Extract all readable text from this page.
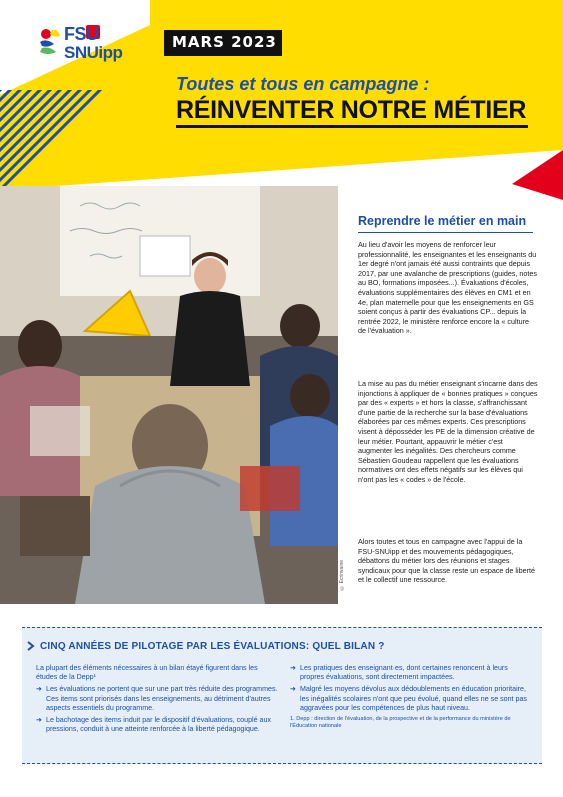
FSU
SNUipp
MARS 2023
Toutes et tous en campagne :
RÉINVENTER NOTRE MÉTIER
© Ecrinvaine
Reprendre le métier en main
Au lieu d'avoir les moyens de renforcer leur professionnalité, les enseignantes et les enseignants du 1er degré n'ont jamais été aussi contraints que depuis 2017, par une avalanche de prescriptions (guides, notes au BO, formations imposées...). Évaluations d'écoles, évaluations supplémentaires des élèves en CM1 et en 4e, plan maternelle pour que les enseignements en GS soient conçus à partir des évaluations CP... depuis la rentrée 2022, le ministère renforce encore la « culture de l'évaluation ».
La mise au pas du métier enseignant s'incarne dans des injonctions à appliquer de « bonnes pratiques » conçues par des « experts » et hors la classe, s'affranchissant d'une partie de la recherche sur la base d'évaluations élaborées par ces mêmes experts. Ces prescriptions visent à déposséder les PE de la dimension créative de leur métier. Pourtant, appauvrir le métier c'est augmenter les inégalités. Des chercheurs comme Sébastien Goudeau rappellent que les évaluations normatives ont des effets négatifs sur les élèves qui n'ont pas les « codes » de l'école.
Alors toutes et tous en campagne avec l'appui de la FSU-SNUipp et des mouvements pédagogiques, débattons du métier lors des réunions et stages syndicaux pour que la classe reste un espace de liberté et le collectif une ressource.
CINQ ANNÉES DE PILOTAGE PAR LES ÉVALUATIONS: QUEL BILAN ?
La plupart des éléments nécessaires à un bilan étayé figurent dans les études de la Depp¹
➜ Les évaluations ne portent que sur une part très réduite des programmes. Ces items sont priorisés dans les enseignements, au détriment d'autres aspects essentiels du programme.
➜ Le bachotage des items induit par le dispositif d'évaluations, couplé aux pressions, conduit à une atteinte renforcée à la liberté pédagogique.
➜ Les pratiques des enseignant·es, dont certaines renoncent à leurs propres évaluations, sont directement impactées.
➜ Malgré les moyens dévolus aux dédoublements en éducation prioritaire, les inégalités scolaires n'ont que peu évolué, quand elles ne se sont pas aggravées pour les compétences de plus haut niveau.
1. Depp : direction de l'évaluation, de la prospective et de la performance du ministère de l'Éducation nationale
